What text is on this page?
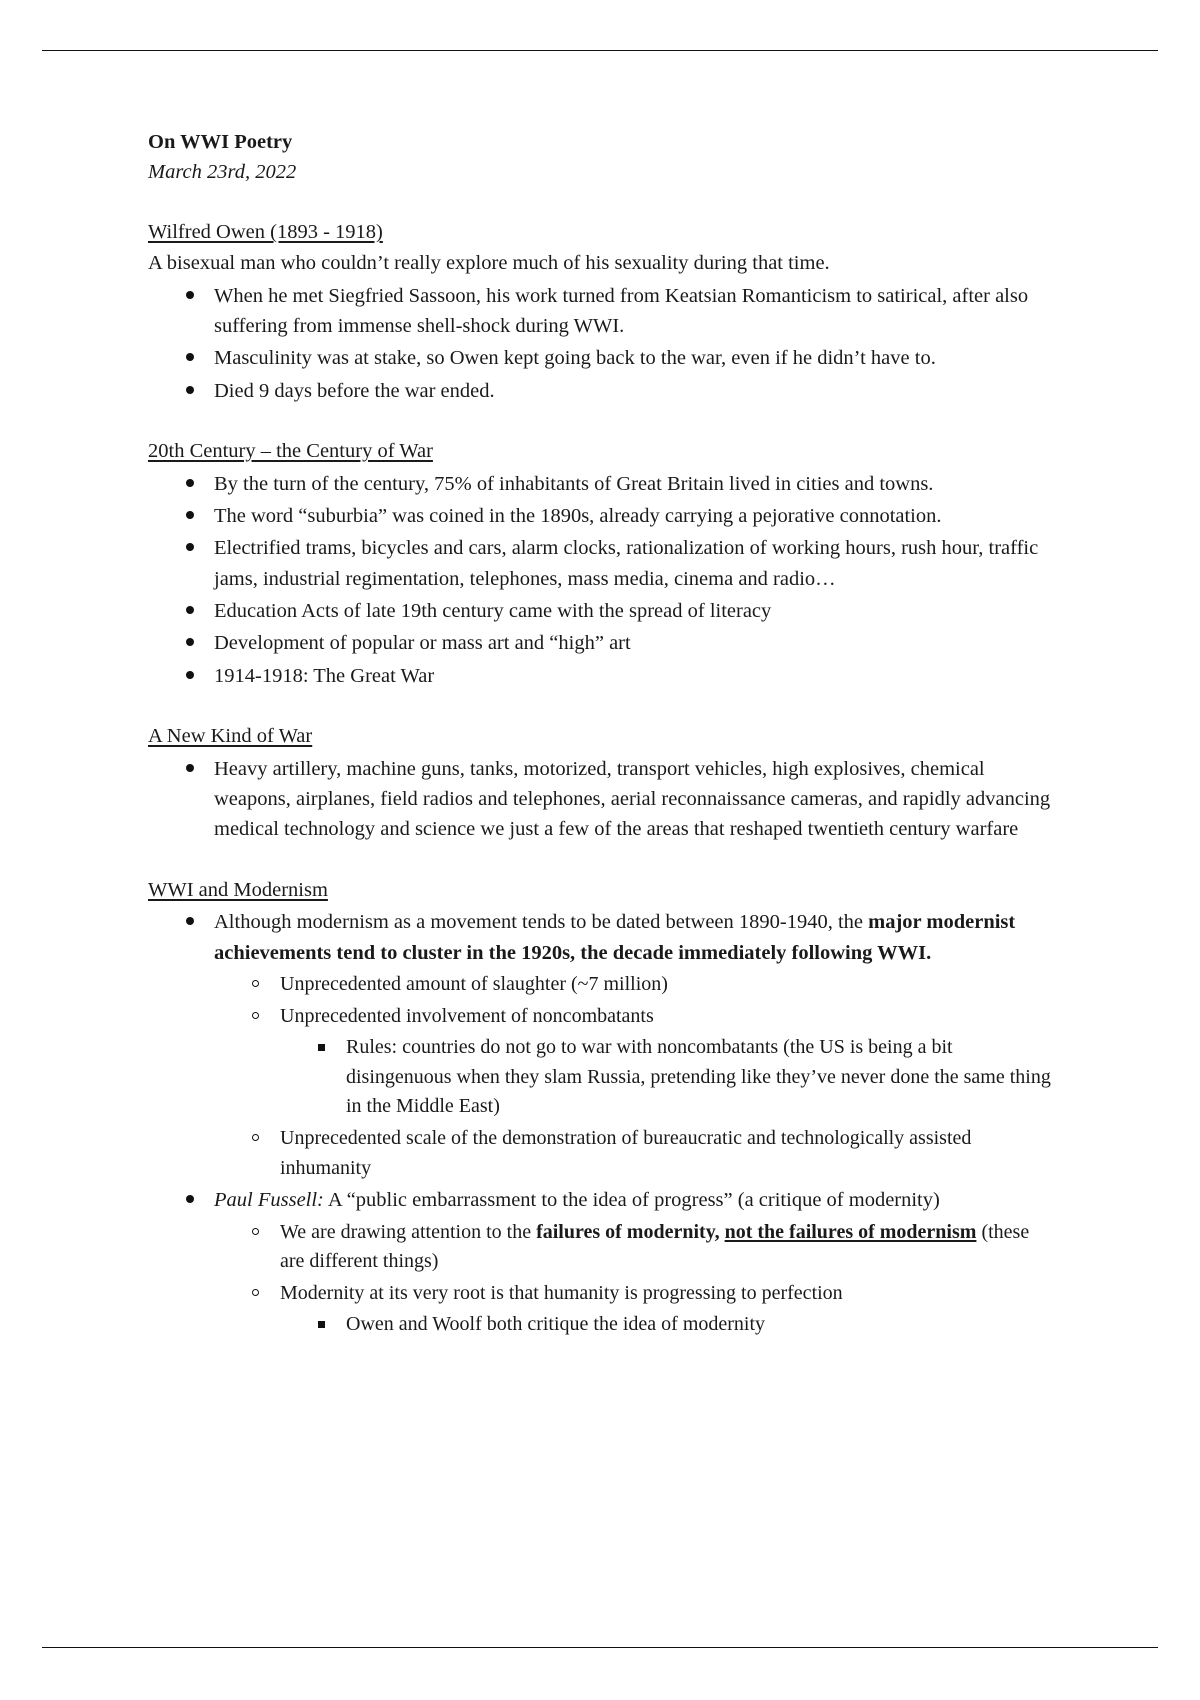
On WWI Poetry

March 23rd, 2022

Wilfred Owen (1893 - 1918)

A bisexual man who couldn’t really explore much of his sexuality during that time.

When he met Siegfried Sassoon, his work turned from Keatsian Romanticism to satirical, after also suffering from immense shell-shock during WWI.
Masculinity was at stake, so Owen kept going back to the war, even if he didn’t have to.
Died 9 days before the war ended.

20th Century – the Century of War

By the turn of the century, 75% of inhabitants of Great Britain lived in cities and towns.
The word “suburbia” was coined in the 1890s, already carrying a pejorative connotation.
Electrified trams, bicycles and cars, alarm clocks, rationalization of working hours, rush hour, traffic jams, industrial regimentation, telephones, mass media, cinema and radio…
Education Acts of late 19th century came with the spread of literacy
Development of popular or mass art and “high” art
1914-1918: The Great War

A New Kind of War

Heavy artillery, machine guns, tanks, motorized, transport vehicles, high explosives, chemical weapons, airplanes, field radios and telephones, aerial reconnaissance cameras, and rapidly advancing medical technology and science we just a few of the areas that reshaped twentieth century warfare

WWI and Modernism

Although modernism as a movement tends to be dated between 1890-1940, the major modernist achievements tend to cluster in the 1920s, the decade immediately following WWI.
Unprecedented amount of slaughter (~7 million)
Unprecedented involvement of noncombatants
Rules: countries do not go to war with noncombatants (the US is being a bit disingenuous when they slam Russia, pretending like they’ve never done the same thing in the Middle East)
Unprecedented scale of the demonstration of bureaucratic and technologically assisted inhumanity
Paul Fussell: A “public embarrassment to the idea of progress” (a critique of modernity)
We are drawing attention to the failures of modernity, not the failures of modernism (these are different things)
Modernity at its very root is that humanity is progressing to perfection
Owen and Woolf both critique the idea of modernity
